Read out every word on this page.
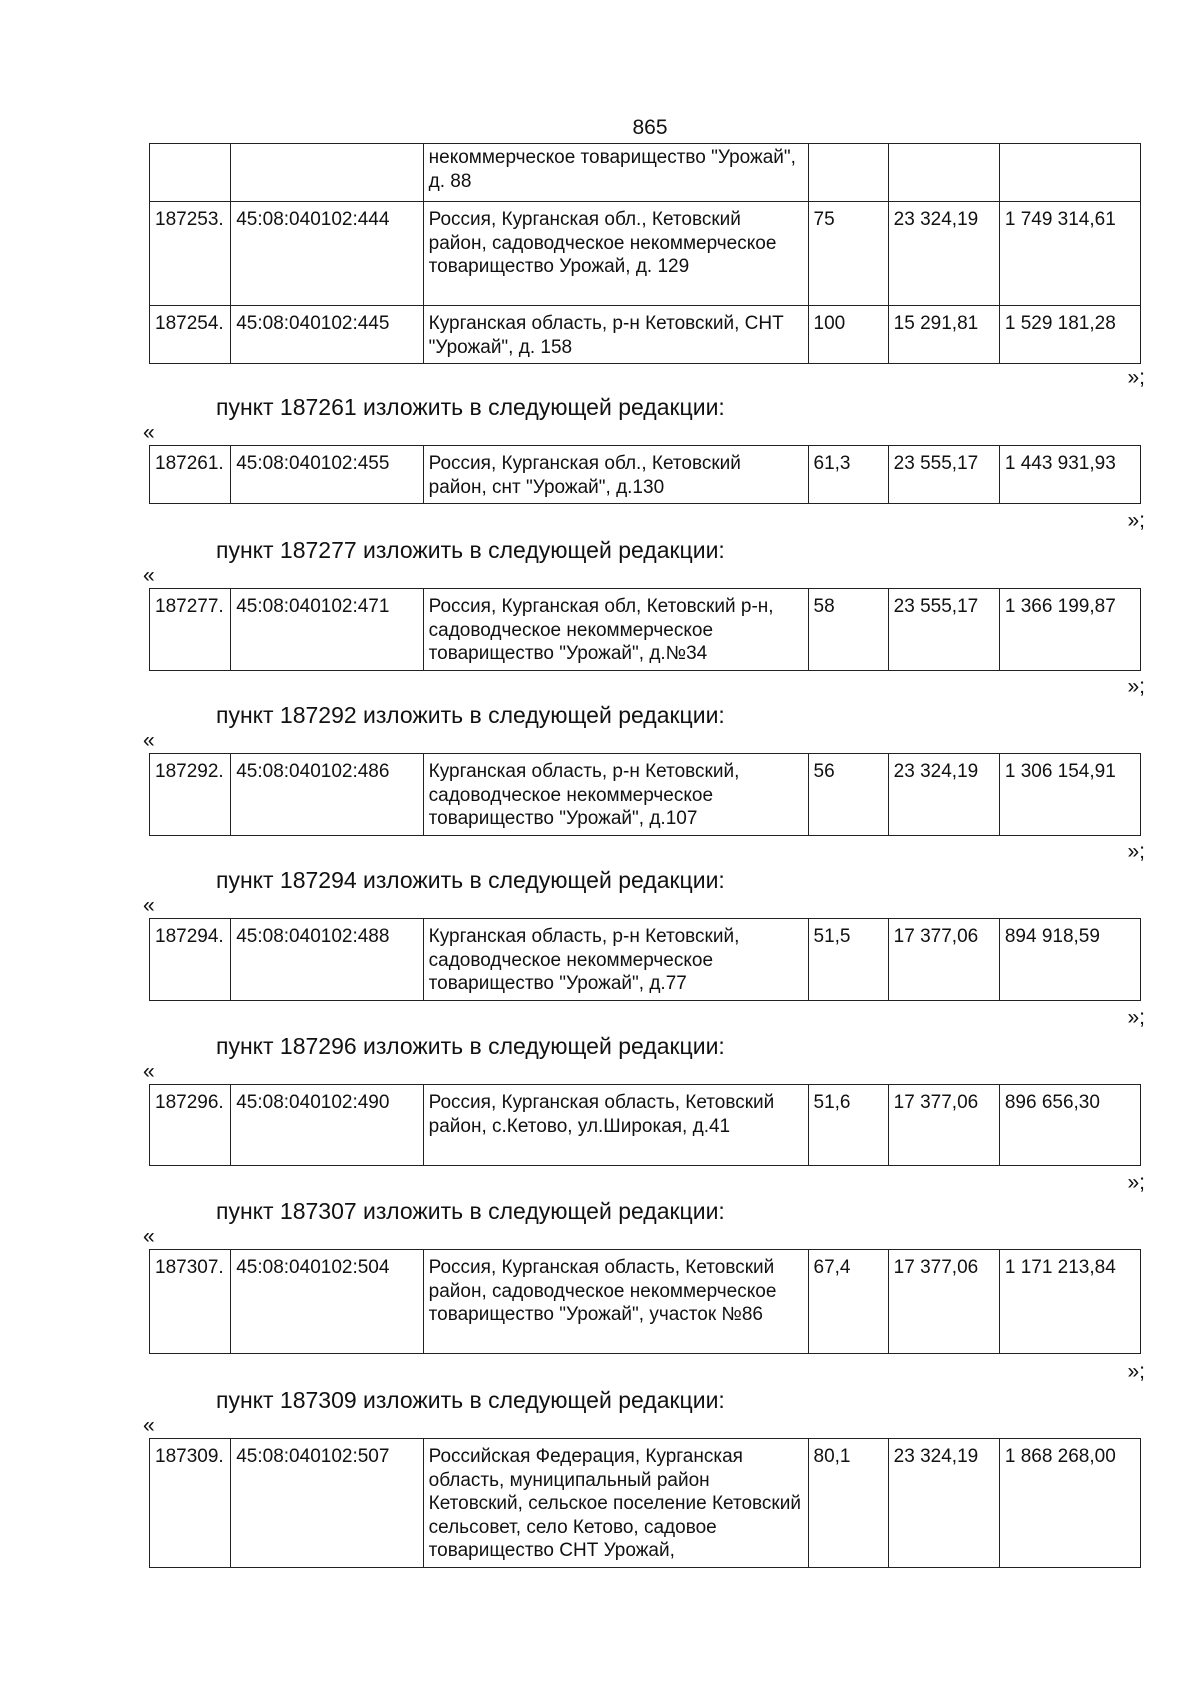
865
		некоммерческое товарищество "Урожай", д. 88			
187253.	45:08:040102:444	Россия, Курганская обл., Кетовский район, садоводческое некоммерческое товарищество Урожай, д. 129	75	23 324,19	1 749 314,61
187254.	45:08:040102:445	Курганская область, р-н Кетовский, СНТ "Урожай", д. 158	100	15 291,81	1 529 181,28
»;
пункт 187261 изложить в следующей редакции:
«
187261.	45:08:040102:455	Россия, Курганская обл., Кетовский район, снт "Урожай", д.130	61,3	23 555,17	1 443 931,93
»;
пункт 187277 изложить в следующей редакции:
«
187277.	45:08:040102:471	Россия, Курганская обл, Кетовский р-н, садоводческое некоммерческое товарищество "Урожай", д.№34	58	23 555,17	1 366 199,87
»;
пункт 187292 изложить в следующей редакции:
«
187292.	45:08:040102:486	Курганская область, р-н Кетовский, садоводческое некоммерческое товарищество "Урожай", д.107	56	23 324,19	1 306 154,91
»;
пункт 187294 изложить в следующей редакции:
«
187294.	45:08:040102:488	Курганская область, р-н Кетовский, садоводческое некоммерческое товарищество "Урожай", д.77	51,5	17 377,06	894 918,59
»;
пункт 187296 изложить в следующей редакции:
«
187296.	45:08:040102:490	Россия, Курганская область, Кетовский район, с.Кетово, ул.Широкая, д.41	51,6	17 377,06	896 656,30
»;
пункт 187307 изложить в следующей редакции:
«
187307.	45:08:040102:504	Россия, Курганская область, Кетовский район, садоводческое некоммерческое товарищество "Урожай", участок №86	67,4	17 377,06	1 171 213,84
»;
пункт 187309 изложить в следующей редакции:
«
187309.	45:08:040102:507	Российская Федерация, Курганская область, муниципальный район Кетовский, сельское поселение Кетовский сельсовет, село Кетово, садовое товарищество СНТ Урожай,	80,1	23 324,19	1 868 268,00
